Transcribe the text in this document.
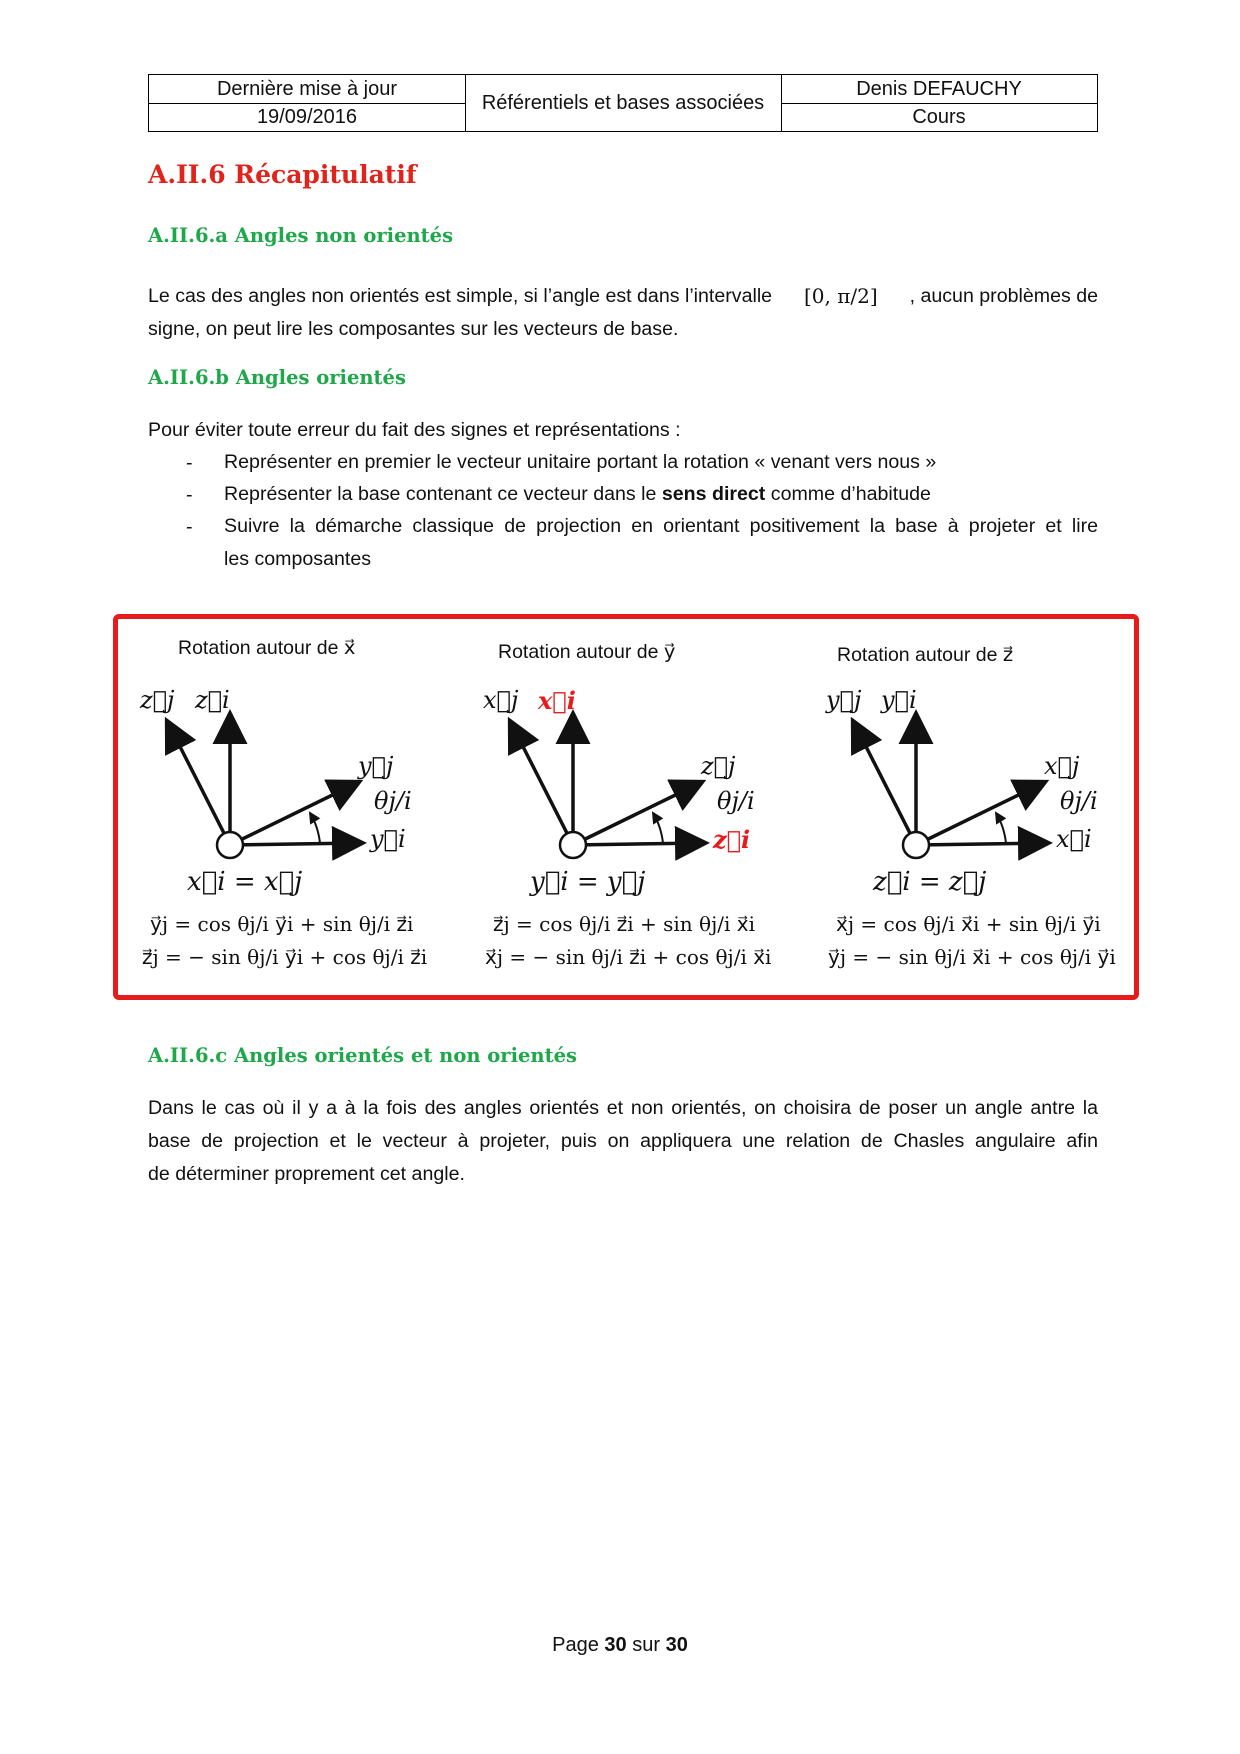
Dernière mise à jour
19/09/2016
Référentiels et bases associées
Denis DEFAUCHY
Cours
A.II.6 Récapitulatif
A.II.6.a Angles non orientés
Le cas des angles non orientés est simple, si l’angle est dans l’intervalle [0, π/2] , aucun problèmes de
signe, on peut lire les composantes sur les vecteurs de base.
A.II.6.b Angles orientés
Pour éviter toute erreur du fait des signes et représentations :
- Représenter en premier le vecteur unitaire portant la rotation « venant vers nous »
- Représenter la base contenant ce vecteur dans le sens direct comme d’habitude
- Suivre la démarche classique de projection en orientant positivement la base à projeter et lire
les composantes
Rotation autour de x⃗
z⃗j z⃗i
y⃗j
θj/i
y⃗i
x⃗i = x⃗j
y⃗j = cos θj/i y⃗i + sin θj/i z⃗i
z⃗j = − sin θj/i y⃗i + cos θj/i z⃗i
Rotation autour de y⃗
x⃗j x⃗i
z⃗j
θj/i
z⃗i
y⃗i = y⃗j
z⃗j = cos θj/i z⃗i + sin θj/i x⃗i
x⃗j = − sin θj/i z⃗i + cos θj/i x⃗i
Rotation autour de z⃗
y⃗j y⃗i
x⃗j
θj/i
x⃗i
z⃗i = z⃗j
x⃗j = cos θj/i x⃗i + sin θj/i y⃗i
y⃗j = − sin θj/i x⃗i + cos θj/i y⃗i
A.II.6.c Angles orientés et non orientés
Dans le cas où il y a à la fois des angles orientés et non orientés, on choisira de poser un angle antre la
base de projection et le vecteur à projeter, puis on appliquera une relation de Chasles angulaire afin
de déterminer proprement cet angle.
Page 30 sur 30
